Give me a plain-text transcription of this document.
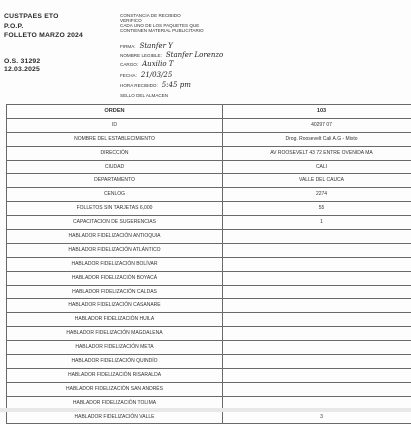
CUSTPAES ETO
P.O.P.
FOLLETO MARZO 2024
O.S. 31292
12.03.2025
CONSTANCIA DE RECIBIDO
VERIFICO
CADA UNO DE LOS PAQUETES QUE
CONTIENEN MATERIAL PUBLICITARIO
FIRMA: Stanfer Y
NOMBRE LEGIBLE: Stanfer Lorenzo
CARGO: Auxilio T
FECHA: 21/03/25
HORA RECIBIDO: 5:45 pm
SELLO DEL ALMACEN
ORDEN	103
ID	40297 07
NOMBRE DEL ESTABLECIMIENTO	Drog. Roosevelt Cali A.G - Mixto
DIRECCIÓN	AV ROOSEVELT 43 72 ENTRE OVENIDA MA
CIUDAD	CALI
DEPARTAMENTO	VALLE DEL CAUCA
CENLOG	2274
FOLLETOS SIN TARJETAS 6,000	55
CAPACITACION DE SUGERENCIAS	1
HABLADOR FIDELIZACIÓN ANTIOQUIA	
HABLADOR FIDELIZACIÓN ATLÁNTICO	
HABLADOR FIDELIZACIÓN BOLÍVAR	
HABLADOR FIDELIZACIÓN BOYACÁ	
HABLADOR FIDELIZACIÓN CALDAS	
HABLADOR FIDELIZACIÓN CASANARE	
HABLADOR FIDELIZACIÓN HUILA	
HABLADOR FIDELIZACIÓN MAGDALENA	
HABLADOR FIDELIZACIÓN META	
HABLADOR FIDELIZACIÓN QUINDÍO	
HABLADOR FIDELIZACIÓN RISARALDA	
HABLADOR FIDELIZACIÓN SAN ANDRÉS	
HABLADOR FIDELIZACIÓN TOLIMA	
HABLADOR FIDELIZACIÓN VALLE	3
